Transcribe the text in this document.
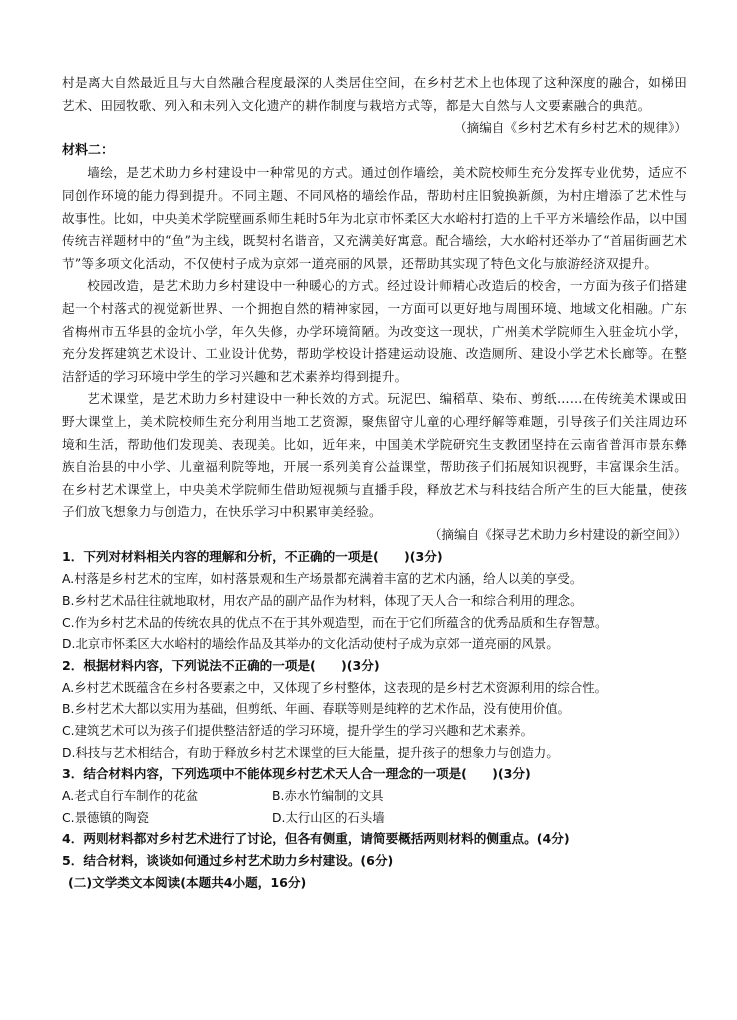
村是离大自然最近且与大自然融合程度最深的人类居住空间，在乡村艺术上也体现了这种深度的融合，如梯田艺术、田园牧歌、列入和未列入文化遗产的耕作制度与栽培方式等，都是大自然与人文要素融合的典范。

（摘编自《乡村艺术有乡村艺术的规律》）

材料二：

墙绘，是艺术助力乡村建设中一种常见的方式。通过创作墙绘，美术院校师生充分发挥专业优势，适应不同创作环境的能力得到提升。不同主题、不同风格的墙绘作品，帮助村庄旧貌换新颜，为村庄增添了艺术性与故事性。比如，中央美术学院壁画系师生耗时5年为北京市怀柔区大水峪村打造的上千平方米墙绘作品，以中国传统吉祥题材中的“鱼”为主线，既契村名谐音，又充满美好寓意。配合墙绘，大水峪村还举办了“首届街画艺术节”等多项文化活动，不仅使村子成为京郊一道亮丽的风景，还帮助其实现了特色文化与旅游经济双提升。

校园改造，是艺术助力乡村建设中一种暖心的方式。经过设计师精心改造后的校舍，一方面为孩子们搭建起一个村落式的视觉新世界、一个拥抱自然的精神家园，一方面可以更好地与周围环境、地域文化相融。广东省梅州市五华县的金坑小学，年久失修，办学环境简陋。为改变这一现状，广州美术学院师生入驻金坑小学，充分发挥建筑艺术设计、工业设计优势，帮助学校设计搭建运动设施、改造厕所、建设小学艺术长廊等。在整洁舒适的学习环境中学生的学习兴趣和艺术素养均得到提升。

艺术课堂，是艺术助力乡村建设中一种长效的方式。玩泥巴、编稻草、染布、剪纸……在传统美术课或田野大课堂上，美术院校师生充分利用当地工艺资源，聚焦留守儿童的心理纾解等难题，引导孩子们关注周边环境和生活，帮助他们发现美、表现美。比如，近年来，中国美术学院研究生支教团坚持在云南省普洱市景东彝族自治县的中小学、儿童福利院等地，开展一系列美育公益课堂，帮助孩子们拓展知识视野，丰富课余生活。在乡村艺术课堂上，中央美术学院师生借助短视频与直播手段，释放艺术与科技结合所产生的巨大能量，使孩子们放飞想象力与创造力，在快乐学习中积累审美经验。

（摘编自《探寻艺术助力乡村建设的新空间》）

1．下列对材料相关内容的理解和分析，不正确的一项是(　　)(3分)

A.村落是乡村艺术的宝库，如村落景观和生产场景都充满着丰富的艺术内涵，给人以美的享受。

B.乡村艺术品往往就地取材，用农产品的副产品作为材料，体现了天人合一和综合利用的理念。

C.作为乡村艺术品的传统农具的优点不在于其外观造型，而在于它们所蕴含的优秀品质和生存智慧。

D.北京市怀柔区大水峪村的墙绘作品及其举办的文化活动使村子成为京郊一道亮丽的风景。

2．根据材料内容，下列说法不正确的一项是(　　)(3分)

A.乡村艺术既蕴含在乡村各要素之中，又体现了乡村整体，这表现的是乡村艺术资源利用的综合性。

B.乡村艺术大都以实用为基础，但剪纸、年画、春联等则是纯粹的艺术作品，没有使用价值。

C.建筑艺术可以为孩子们提供整洁舒适的学习环境，提升学生的学习兴趣和艺术素养。

D.科技与艺术相结合，有助于释放乡村艺术课堂的巨大能量，提升孩子的想象力与创造力。

3．结合材料内容，下列选项中不能体现乡村艺术天人合一理念的一项是(　　)(3分)

A.老式自行车制作的花盆	B.赤水竹编制的文具

C.景德镇的陶瓷	D.太行山区的石头墙

4．两则材料都对乡村艺术进行了讨论，但各有侧重，请简要概括两则材料的侧重点。(4分)

5．结合材料，谈谈如何通过乡村艺术助力乡村建设。(6分)

(二)文学类文本阅读(本题共4小题，16分)
